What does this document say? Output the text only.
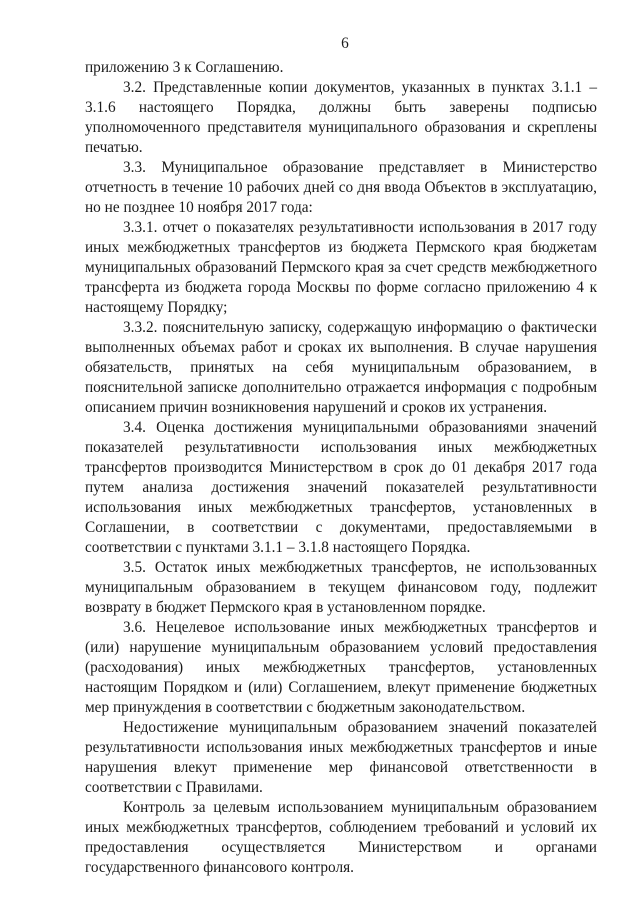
6

приложению 3 к Соглашению.

3.2. Представленные копии документов, указанных в пунктах 3.1.1 – 3.1.6 настоящего Порядка, должны быть заверены подписью уполномоченного представителя муниципального образования и скреплены печатью.

3.3. Муниципальное образование представляет в Министерство отчетность в течение 10 рабочих дней со дня ввода Объектов в эксплуатацию, но не позднее 10 ноября 2017 года:

3.3.1. отчет о показателях результативности использования в 2017 году иных межбюджетных трансфертов из бюджета Пермского края бюджетам муниципальных образований Пермского края за счет средств межбюджетного трансферта из бюджета города Москвы по форме согласно приложению 4 к настоящему Порядку;

3.3.2. пояснительную записку, содержащую информацию о фактически выполненных объемах работ и сроках их выполнения. В случае нарушения обязательств, принятых на себя муниципальным образованием, в пояснительной записке дополнительно отражается информация с подробным описанием причин возникновения нарушений и сроков их устранения.

3.4. Оценка достижения муниципальными образованиями значений показателей результативности использования иных межбюджетных трансфертов производится Министерством в срок до 01 декабря 2017 года путем анализа достижения значений показателей результативности использования иных межбюджетных трансфертов, установленных в Соглашении, в соответствии с документами, предоставляемыми в соответствии с пунктами 3.1.1 – 3.1.8 настоящего Порядка.

3.5. Остаток иных межбюджетных трансфертов, не использованных муниципальным образованием в текущем финансовом году, подлежит возврату в бюджет Пермского края в установленном порядке.

3.6. Нецелевое использование иных межбюджетных трансфертов и (или) нарушение муниципальным образованием условий предоставления (расходования) иных межбюджетных трансфертов, установленных настоящим Порядком и (или) Соглашением, влекут применение бюджетных мер принуждения в соответствии с бюджетным законодательством.

Недостижение муниципальным образованием значений показателей результативности использования иных межбюджетных трансфертов и иные нарушения влекут применение мер финансовой ответственности в соответствии с Правилами.

Контроль за целевым использованием муниципальным образованием иных межбюджетных трансфертов, соблюдением требований и условий их предоставления осуществляется Министерством и органами государственного финансового контроля.
